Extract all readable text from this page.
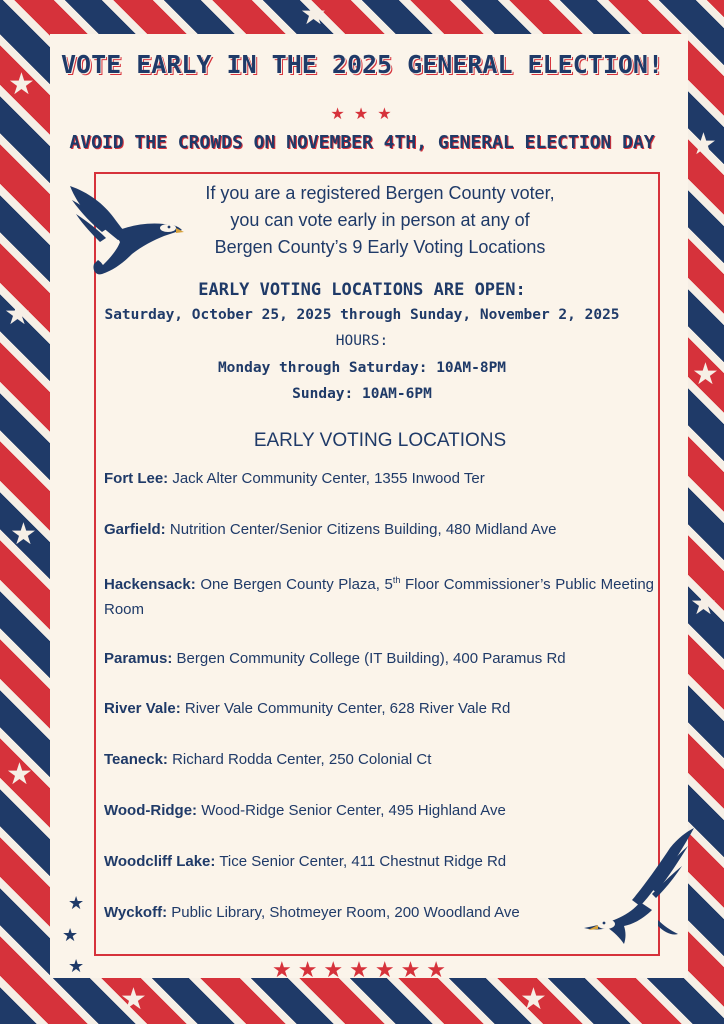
★
★
★
★
★
★
★
★	★
★
VOTE EARLY IN THE 2025 GENERAL ELECTION!
★ ★ ★
AVOID THE CROWDS ON NOVEMBER 4TH, GENERAL ELECTION DAY
If you are a registered Bergen County voter,
you can vote early in person at any of
Bergen County’s 9 Early Voting Locations
EARLY VOTING LOCATIONS ARE OPEN:
Saturday, October 25, 2025 through Sunday, November 2, 2025
HOURS:
Monday through Saturday: 10AM-8PM
Sunday: 10AM-6PM
EARLY VOTING LOCATIONS
Fort Lee: Jack Alter Community Center, 1355 Inwood Ter
Garfield: Nutrition Center/Senior Citizens Building, 480 Midland Ave
Hackensack: One Bergen County Plaza, 5th Floor Commissioner’s Public Meeting Room
Paramus: Bergen Community College (IT Building), 400 Paramus Rd
River Vale: River Vale Community Center, 628 River Vale Rd
Teaneck: Richard Rodda Center, 250 Colonial Ct
Wood-Ridge: Wood-Ridge Senior Center, 495 Highland Ave
Woodcliff Lake: Tice Senior Center, 411 Chestnut Ridge Rd
Wyckoff: Public Library, Shotmeyer Room, 200 Woodland Ave
★
★
★	★★★★★★★
